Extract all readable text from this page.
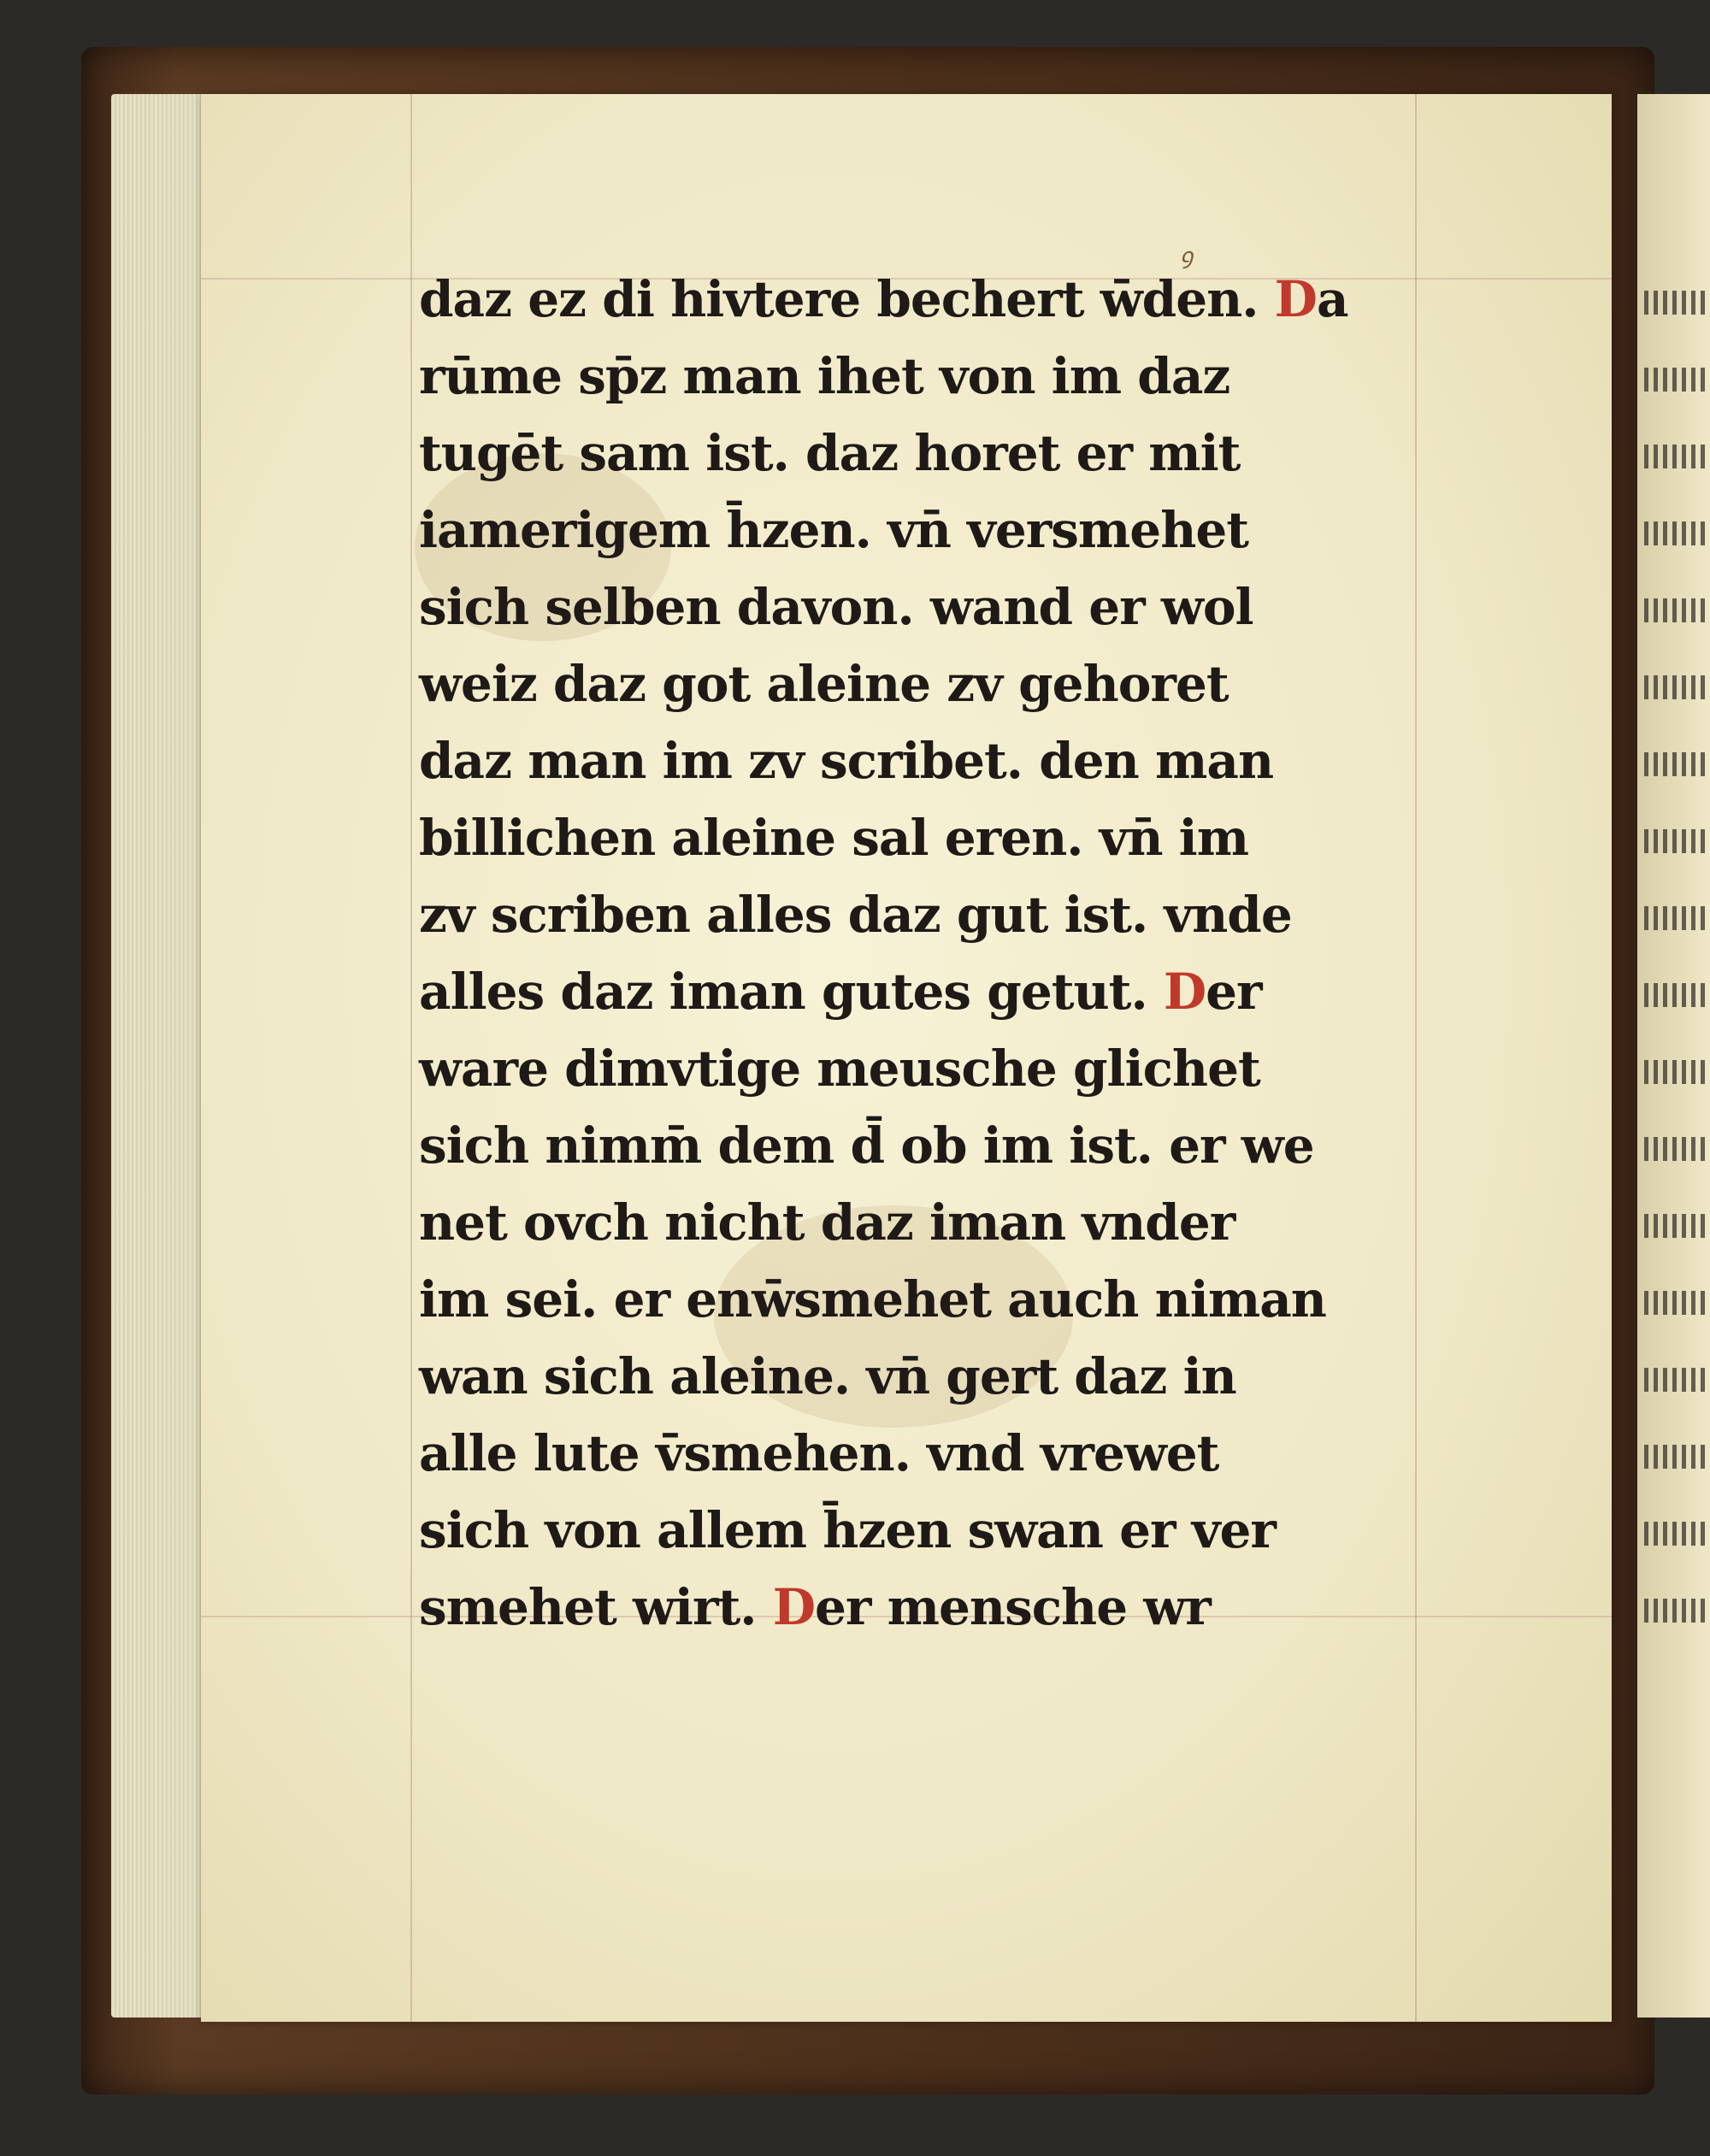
daz ez di hivtere bechert w̄den. Da
rūme sp̄z man ihet von im daz
tugēt sam ist. daz horet er mit
iamerigem h̄zen. vn̄ versmehet
sich selben davon. wand er wol
weiz daz got aleine zv gehoret
daz man im zv scribet. den man
billichen aleine sal eren. vn̄ im
zv scriben alles daz gut ist. vnde
alles daz iman gutes getut. Der
ware dimvtige meusche glichet
sich nimm̄ dem d̄ ob im ist. er we
net ovch nicht daz iman vnder
im sei. er enw̄smehet auch niman
wan sich aleine. vn̄ gert daz in
alle lute v̄smehen. vnd vrewet
sich von allem h̄zen swan er ver
smehet wirt. Der mensche wr
ꝯ
